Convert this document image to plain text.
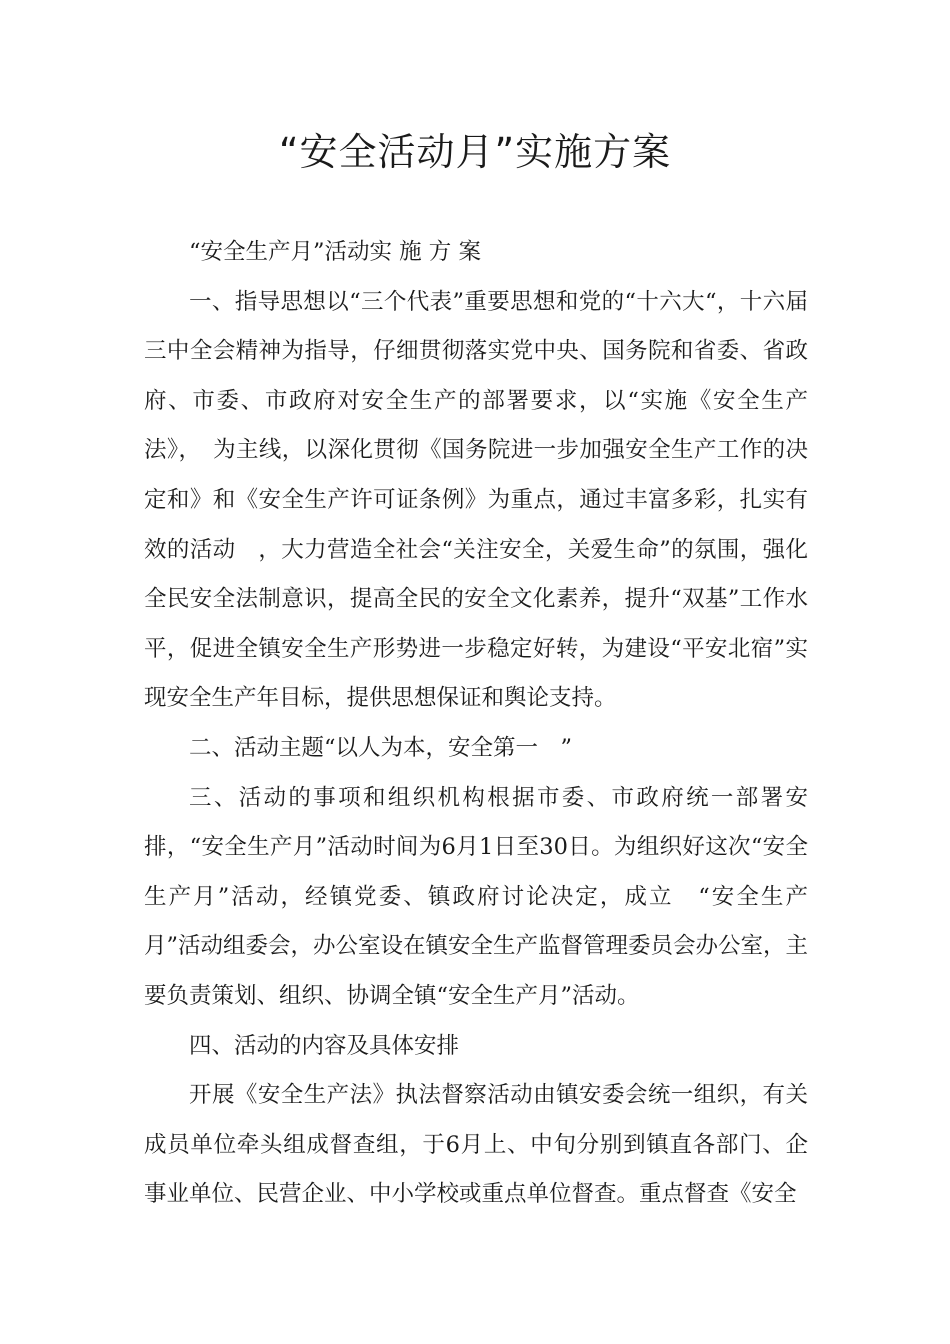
“安全活动月”实施方案

“安全生产月”活动实 施 方 案

一、指导思想以“三个代表”重要思想和党的“十六大“，十六届三中全会精神为指导，仔细贯彻落实党中央、国务院和省委、省政府、市委、市政府对安全生产的部署要求，以“实施《安全生产法》，　为主线，以深化贯彻《国务院进一步加强安全生产工作的决定和》和《安全生产许可证条例》为重点，通过丰富多彩，扎实有效的活动　，大力营造全社会“关注安全，关爱生命”的氛围，强化全民安全法制意识，提高全民的安全文化素养，提升“双基”工作水平，促进全镇安全生产形势进一步稳定好转，为建设“平安北宿”实现安全生产年目标，提供思想保证和舆论支持。

二、活动主题“以人为本，安全第一　”

三、活动的事项和组织机构根据市委、市政府统一部署安排，“安全生产月”活动时间为6月1日至30日。为组织好这次“安全生产月”活动，经镇党委、镇政府讨论决定，成立　“安全生产月”活动组委会，办公室设在镇安全生产监督管理委员会办公室，主要负责策划、组织、协调全镇“安全生产月”活动。

四、活动的内容及具体安排

开展《安全生产法》执法督察活动由镇安委会统一组织，有关成员单位牵头组成督查组，于6月上、中旬分别到镇直各部门、企事业单位、民营企业、中小学校或重点单位督查。重点督查《安全
